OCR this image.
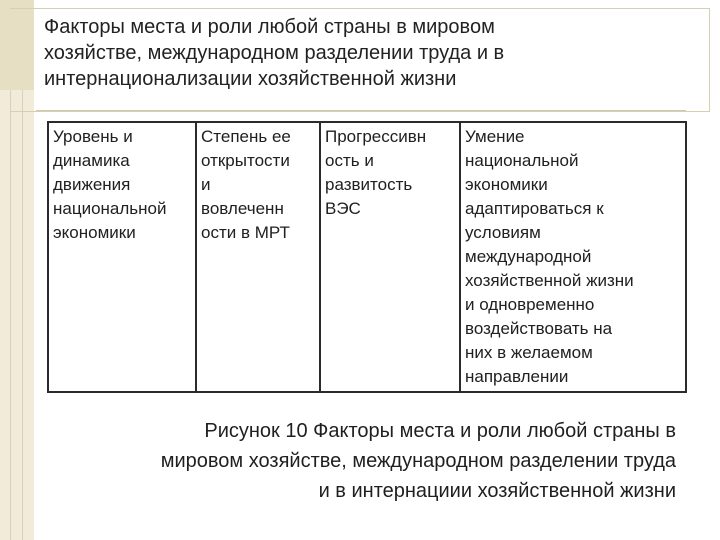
Факторы места и роли любой страны в мировом
хозяйстве, международном разделении труда и в
интернационализации хозяйственной жизни
Уровень и
динамика
движения
национальной
экономики

Степень ее
открытости
и
вовлеченн
ости в МРТ

Прогрессивн
ость и
развитость
ВЭС

Умение
национальной
экономики
адаптироваться к
условиям
международной
хозяйственной жизни
и одновременно
воздействовать на
них в желаемом
направлении
Рисунок 10 Факторы места и роли любой страны в
мировом хозяйстве, международном разделении труда
и в интернациии хозяйственной жизни
